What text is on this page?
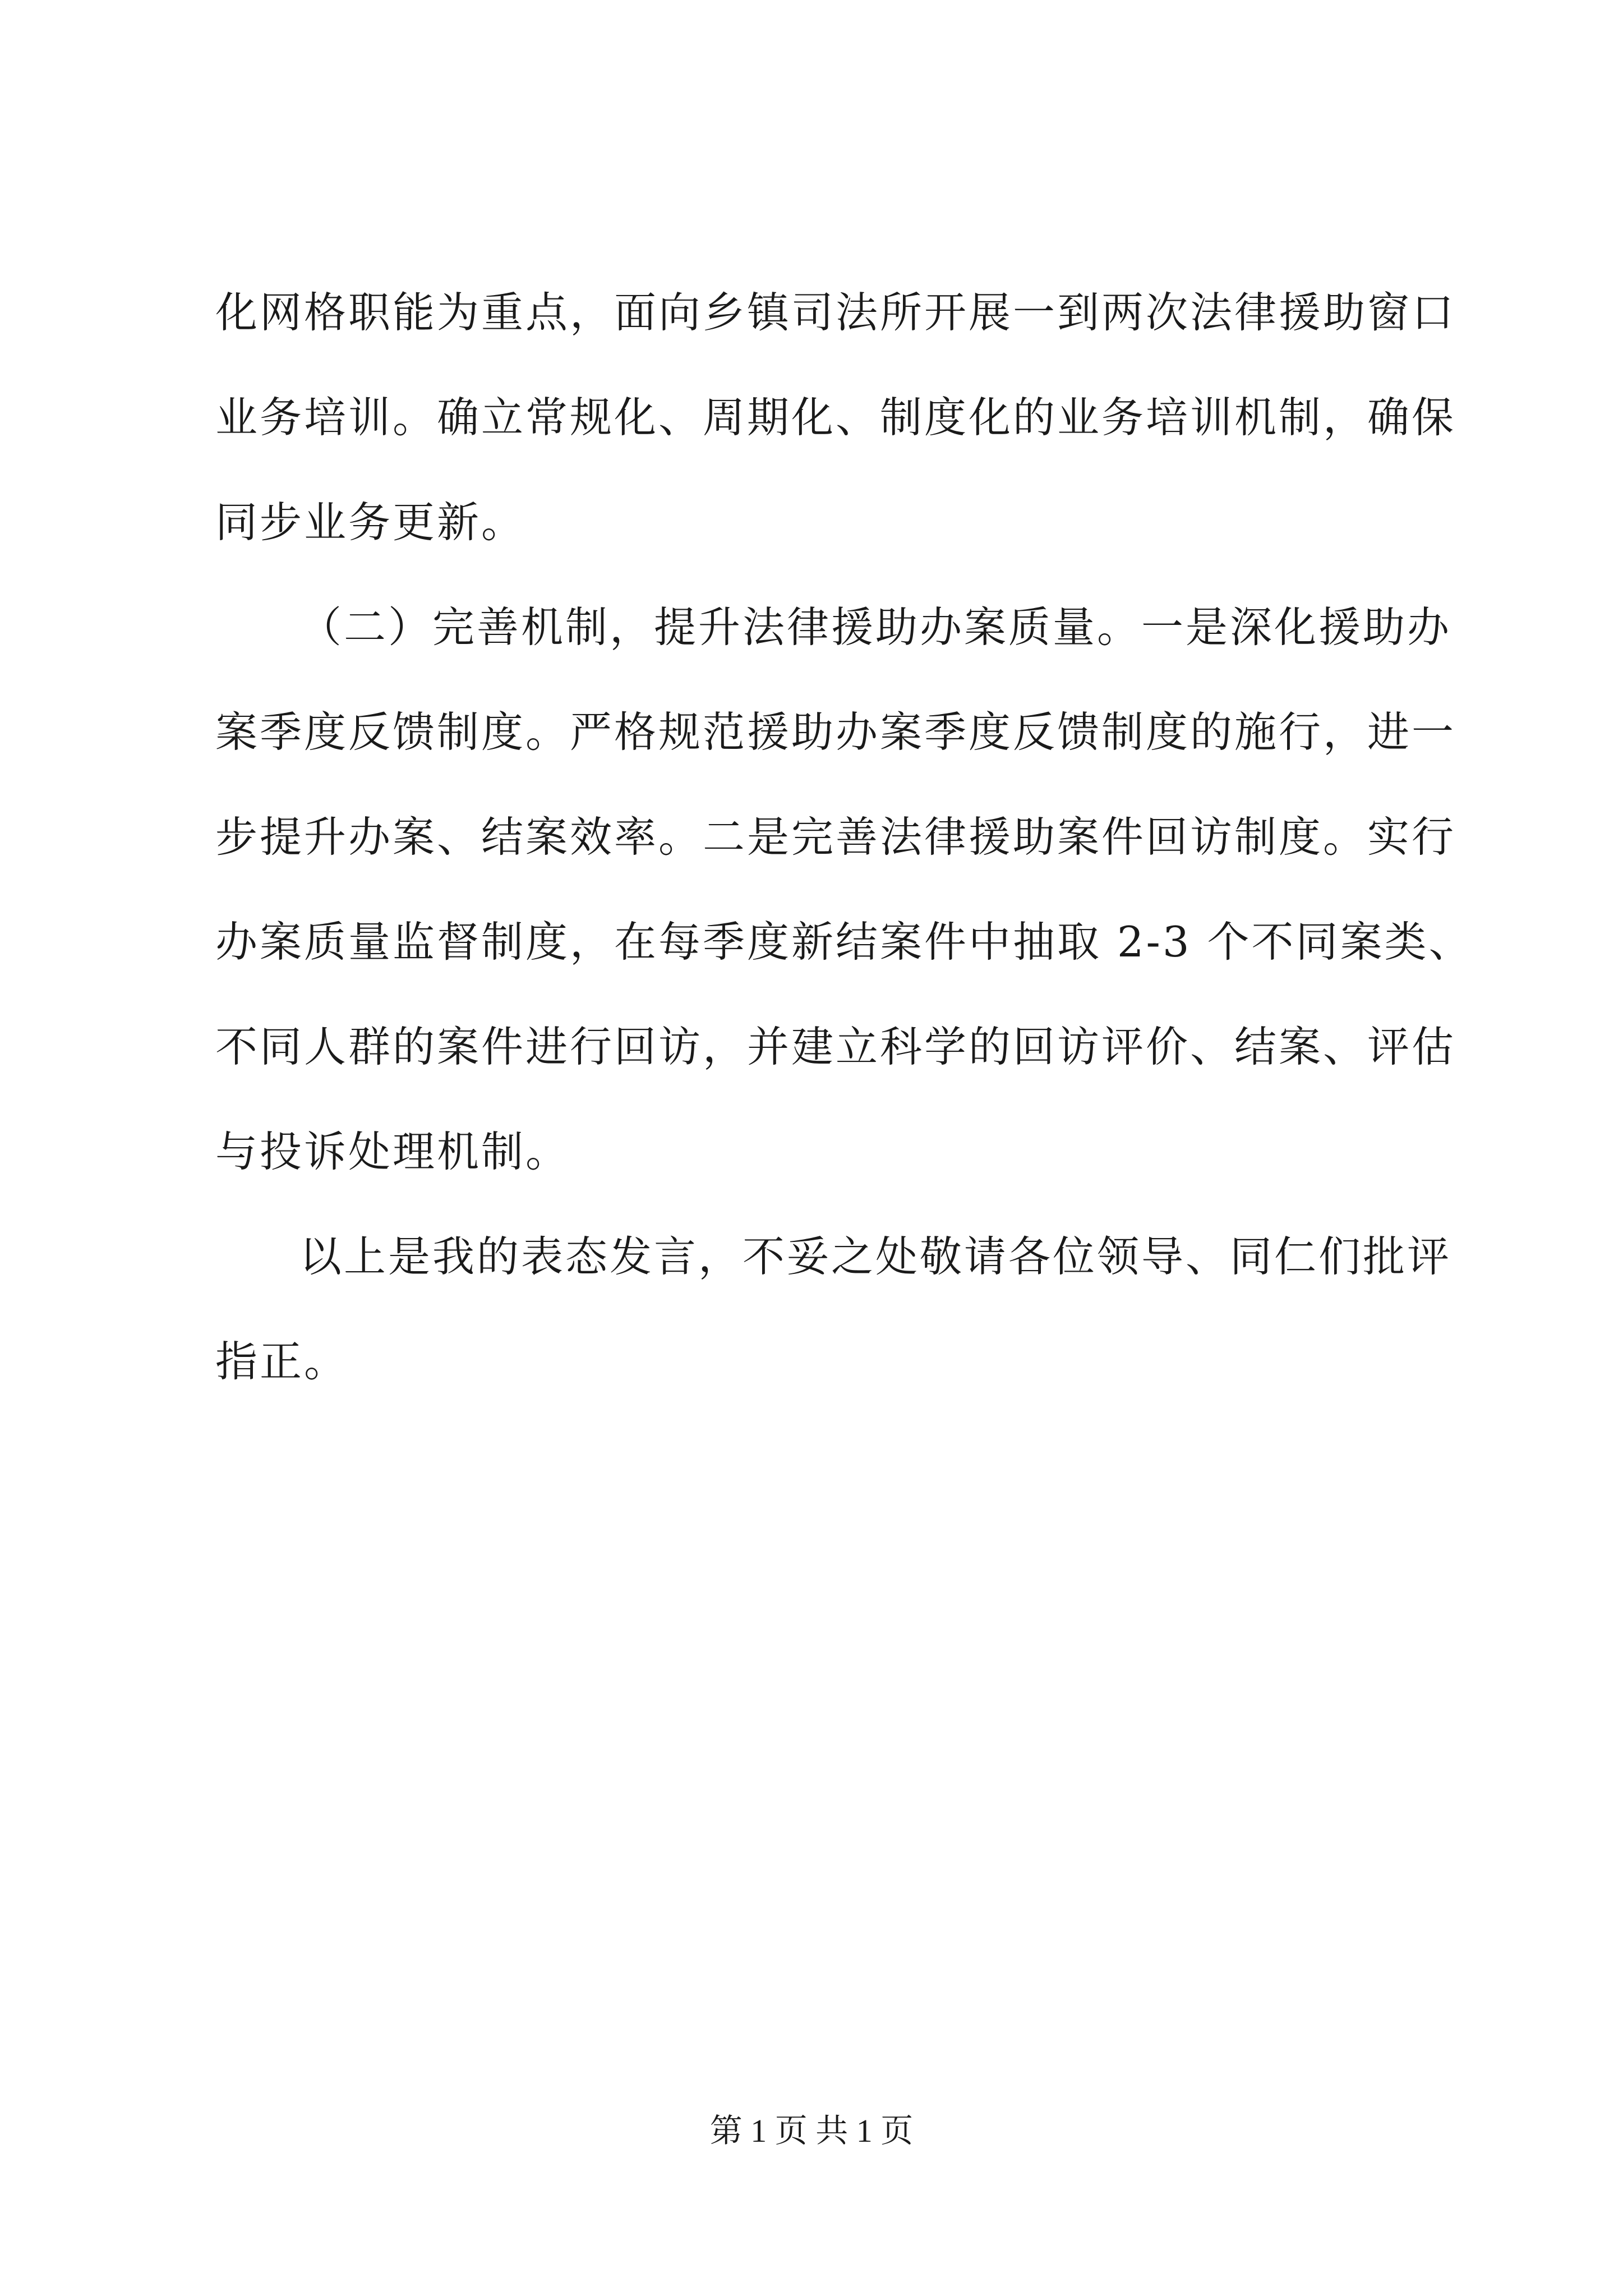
化网格职能为重点，面向乡镇司法所开展一到两次法律援助窗口
业务培训。确立常规化、周期化、制度化的业务培训机制，确保
同步业务更新。
（二）完善机制，提升法律援助办案质量。一是深化援助办
案季度反馈制度。严格规范援助办案季度反馈制度的施行，进一
步提升办案、结案效率。二是完善法律援助案件回访制度。实行
办案质量监督制度，在每季度新结案件中抽取 2-3 个不同案类、
不同人群的案件进行回访，并建立科学的回访评价、结案、评估
与投诉处理机制。
以上是我的表态发言，不妥之处敬请各位领导、同仁们批评
指正。
第 1 页 共 1 页
